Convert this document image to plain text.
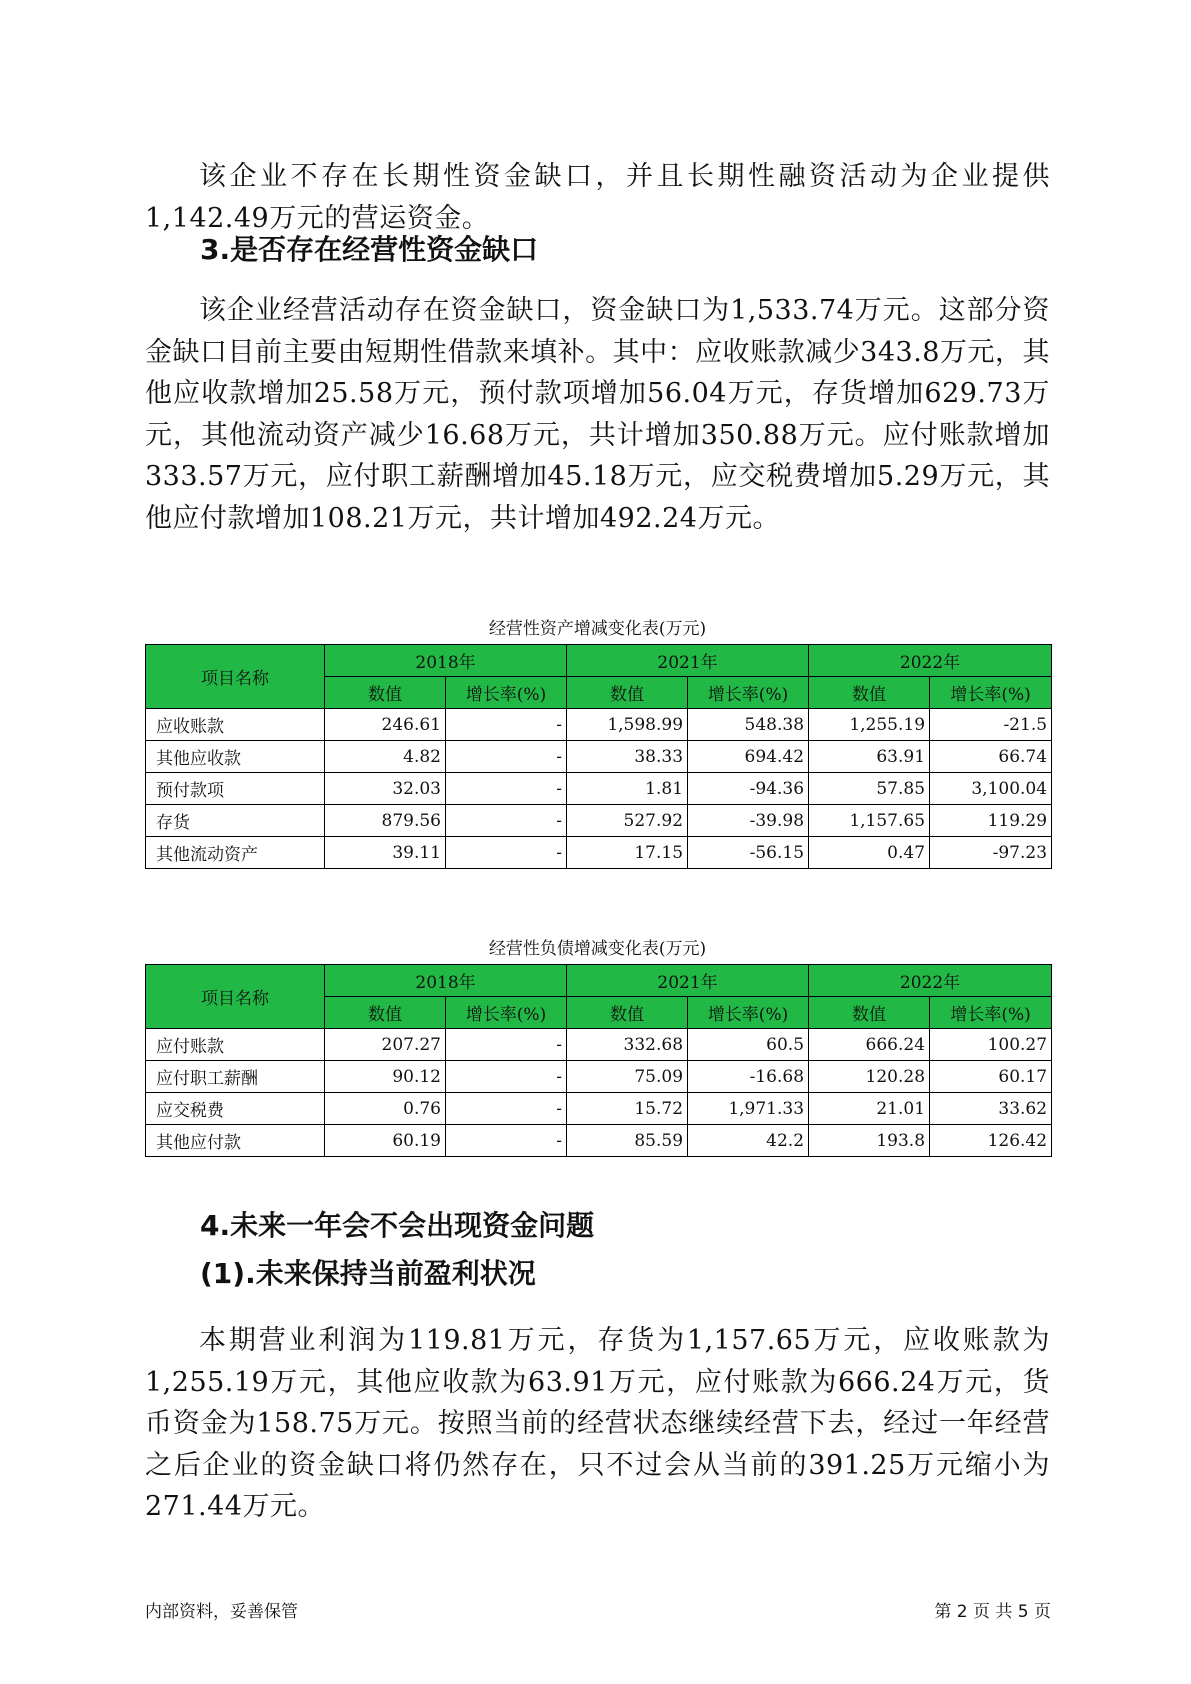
该企业不存在长期性资金缺口，并且长期性融资活动为企业提供1,142.49万元的营运资金。

3.是否存在经营性资金缺口

该企业经营活动存在资金缺口，资金缺口为1,533.74万元。这部分资金缺口目前主要由短期性借款来填补。其中：应收账款减少343.8万元，其他应收款增加25.58万元，预付款项增加56.04万元，存货增加629.73万元，其他流动资产减少16.68万元，共计增加350.88万元。应付账款增加333.57万元，应付职工薪酬增加45.18万元，应交税费增加5.29万元，其他应付款增加108.21万元，共计增加492.24万元。

经营性资产增减变化表(万元)

项目名称	2018年		2021年		2022年	
	数值	增长率(%)	数值	增长率(%)	数值	增长率(%)
应收账款	246.61	-	1,598.99	548.38	1,255.19	-21.5
其他应收款	4.82	-	38.33	694.42	63.91	66.74
预付款项	32.03	-	1.81	-94.36	57.85	3,100.04
存货	879.56	-	527.92	-39.98	1,157.65	119.29
其他流动资产	39.11	-	17.15	-56.15	0.47	-97.23

经营性负债增减变化表(万元)

项目名称	2018年		2021年		2022年	
	数值	增长率(%)	数值	增长率(%)	数值	增长率(%)
应付账款	207.27	-	332.68	60.5	666.24	100.27
应付职工薪酬	90.12	-	75.09	-16.68	120.28	60.17
应交税费	0.76	-	15.72	1,971.33	21.01	33.62
其他应付款	60.19	-	85.59	42.2	193.8	126.42
4.未来一年会不会出现资金问题
(1).未来保持当前盈利状况

本期营业利润为119.81万元，存货为1,157.65万元，应收账款为1,255.19万元，其他应收款为63.91万元，应付账款为666.24万元，货币资金为158.75万元。按照当前的经营状态继续经营下去，经过一年经营之后企业的资金缺口将仍然存在，只不过会从当前的391.25万元缩小为271.44万元。

内部资料，妥善保管	第 2 页 共 5 页
